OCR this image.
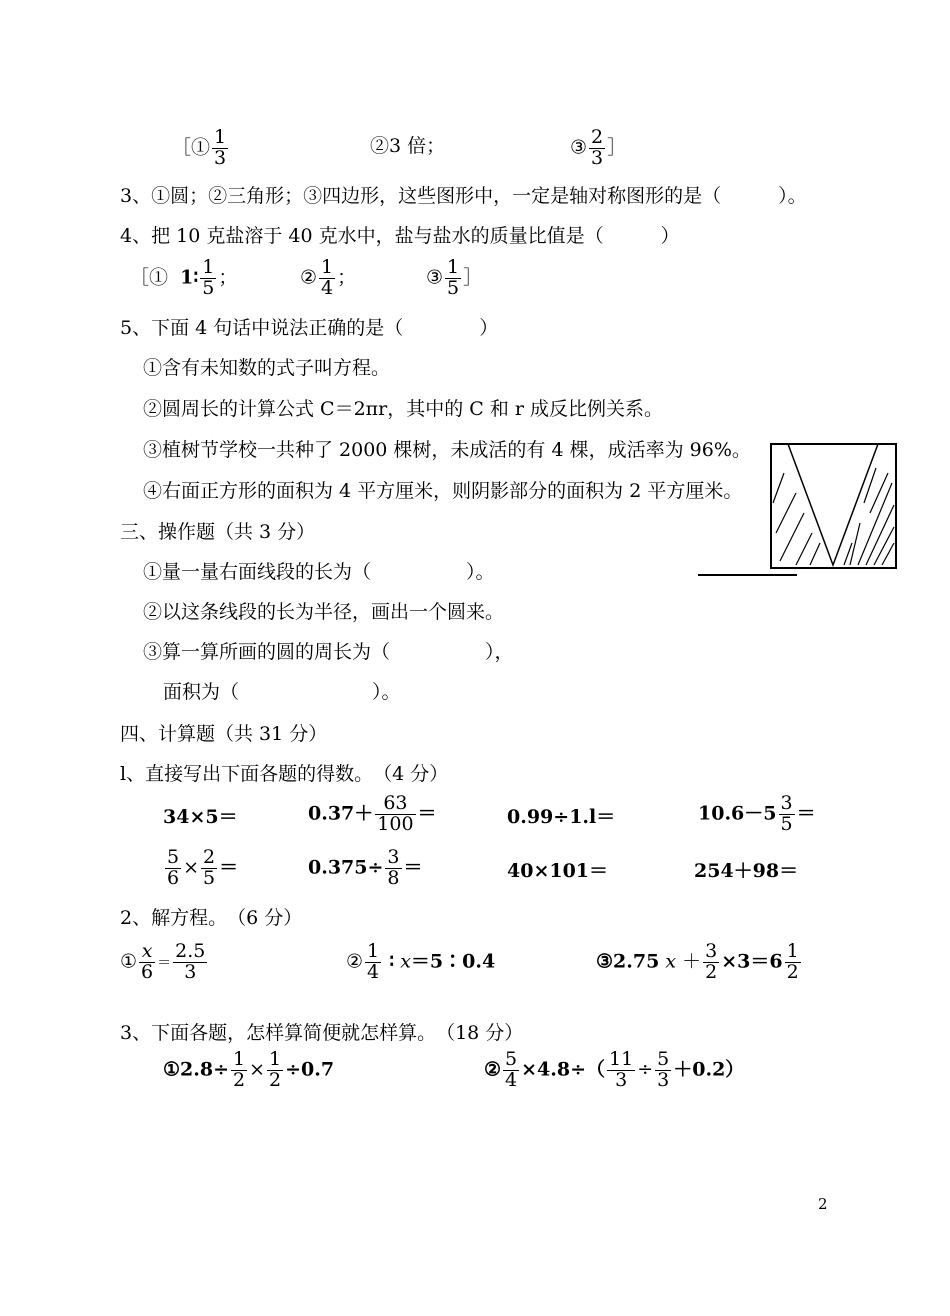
［① $\frac{1}{3}$	②3 倍；	③ $\frac{2}{3}$ ］
3、①圆；②三角形；③四边形，这些图形中，一定是轴对称图形的是（　　　）。
4、把 10 克盐溶于 40 克水中，盐与盐水的质量比值是（　　　）
［① 1∶ $\frac{1}{5}$ ；	② $\frac{1}{4}$ ；	③ $\frac{1}{5}$ ］
5、下面 4 句话中说法正确的是（　　　　）
①含有未知数的式子叫方程。
②圆周长的计算公式 C＝2πr，其中的 C 和 r 成反比例关系。
③植树节学校一共种了 2000 棵树，未成活的有 4 棵，成活率为 96%。
④右面正方形的面积为 4 平方厘米，则阴影部分的面积为 2 平方厘米。
三、操作题（共 3 分）
①量一量右面线段的长为（　　　　　）。
②以这条线段的长为半径，画出一个圆来。
③算一算所画的圆的周长为（　　　　　），
面积为（　　　　　　　）。
四、计算题（共 31 分）
l、直接写出下面各题的得数。　（4 分）
34×5＝	$0.37+ \frac{63}{100}$ ＝	0.99÷1.l＝	$10.6-5 \frac{3}{5}$ ＝
$\frac{5}{6} \times \frac{2}{5}$ ＝	$0.375\div \frac{3}{8}$ ＝	40×101＝	254＋98＝
2、解方程。　（6 分）
① $\frac{x}{6} = \frac{2.5}{3}$	② $\frac{1}{4}$ ∶ x＝5∶0.4	③2.75 $x + \frac{3}{2} \times 3=6 \frac{1}{2}$
3、下面各题，怎样算简便就怎样算。　（18 分）
①2.8÷ $\frac{1}{2} \times \frac{1}{2} \div 0.7$	② $\frac{5}{4} \times 4.8\div( \frac{11}{3} \div \frac{5}{3} +0.2)$
2
